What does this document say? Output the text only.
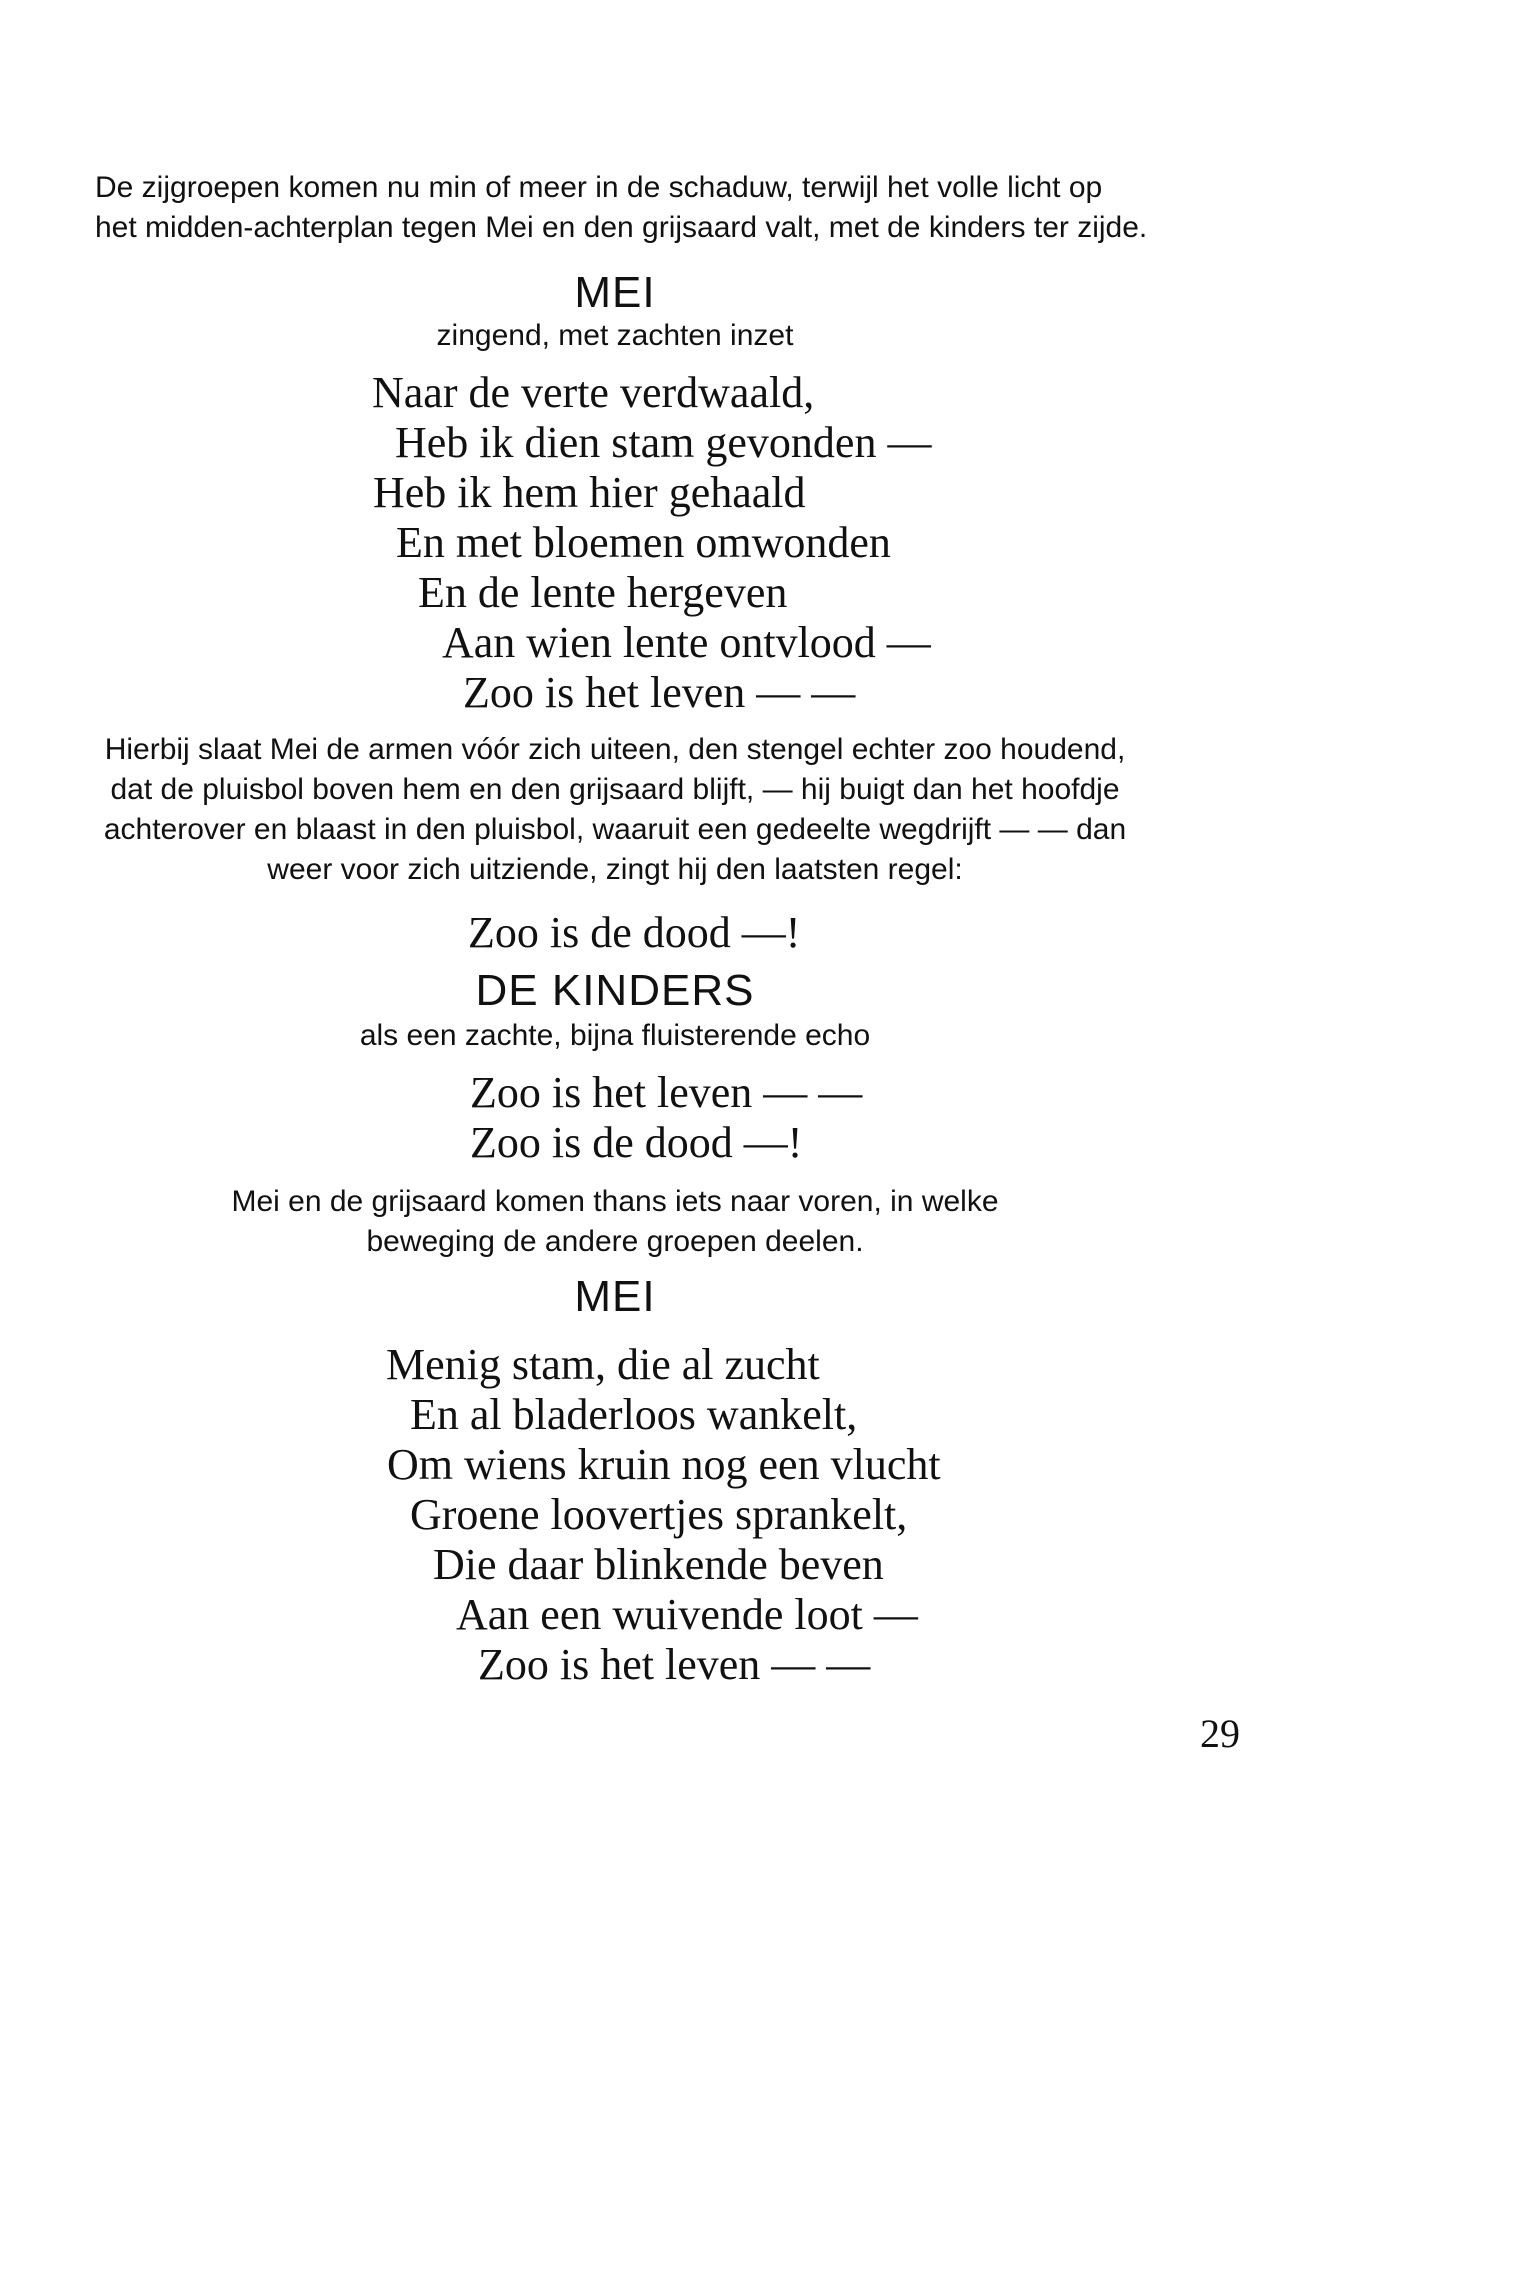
De zijgroepen komen nu min of meer in de schaduw, terwijl het volle licht op
het midden-achterplan tegen Mei en den grijsaard valt, met de kinders ter zijde.
MEI
zingend, met zachten inzet
Naar de verte verdwaald,
Heb ik dien stam gevonden —
Heb ik hem hier gehaald
En met bloemen omwonden
En de lente hergeven
Aan wien lente ontvlood —
Zoo is het leven — —
Hierbij slaat Mei de armen vóór zich uiteen, den stengel echter zoo houdend,
dat de pluisbol boven hem en den grijsaard blijft, — hij buigt dan het hoofdje
achterover en blaast in den pluisbol, waaruit een gedeelte wegdrijft — — dan
weer voor zich uitziende, zingt hij den laatsten regel:
Zoo is de dood —!
DE KINDERS
als een zachte, bijna fluisterende echo
Zoo is het leven — —
Zoo is de dood —!
Mei en de grijsaard komen thans iets naar voren, in welke
beweging de andere groepen deelen.
MEI
Menig stam, die al zucht
En al bladerloos wankelt,
Om wiens kruin nog een vlucht
Groene loovertjes sprankelt,
Die daar blinkende beven
Aan een wuivende loot —
Zoo is het leven — —
29
